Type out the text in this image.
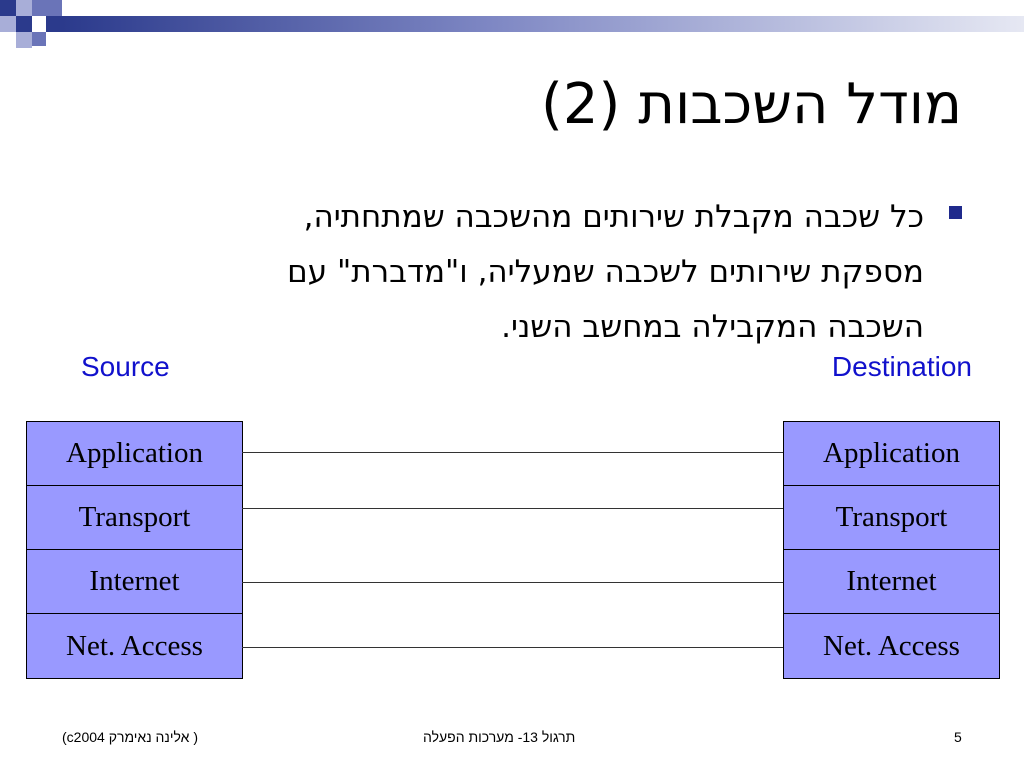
מודל השכבות (2)
כל שכבה מקבלת שירותים מהשכבה שמתחתיה,
מספקת שירותים לשכבה שמעליה, ו"מדברת" עם
השכבה המקבילה במחשב השני.
Source	Destination
Application
Transport
Internet
Net. Access
Application
Transport
Internet
Net. Access
( אלינה נאימרק c2004)	תרגול 13- מערכות הפעלה	5
